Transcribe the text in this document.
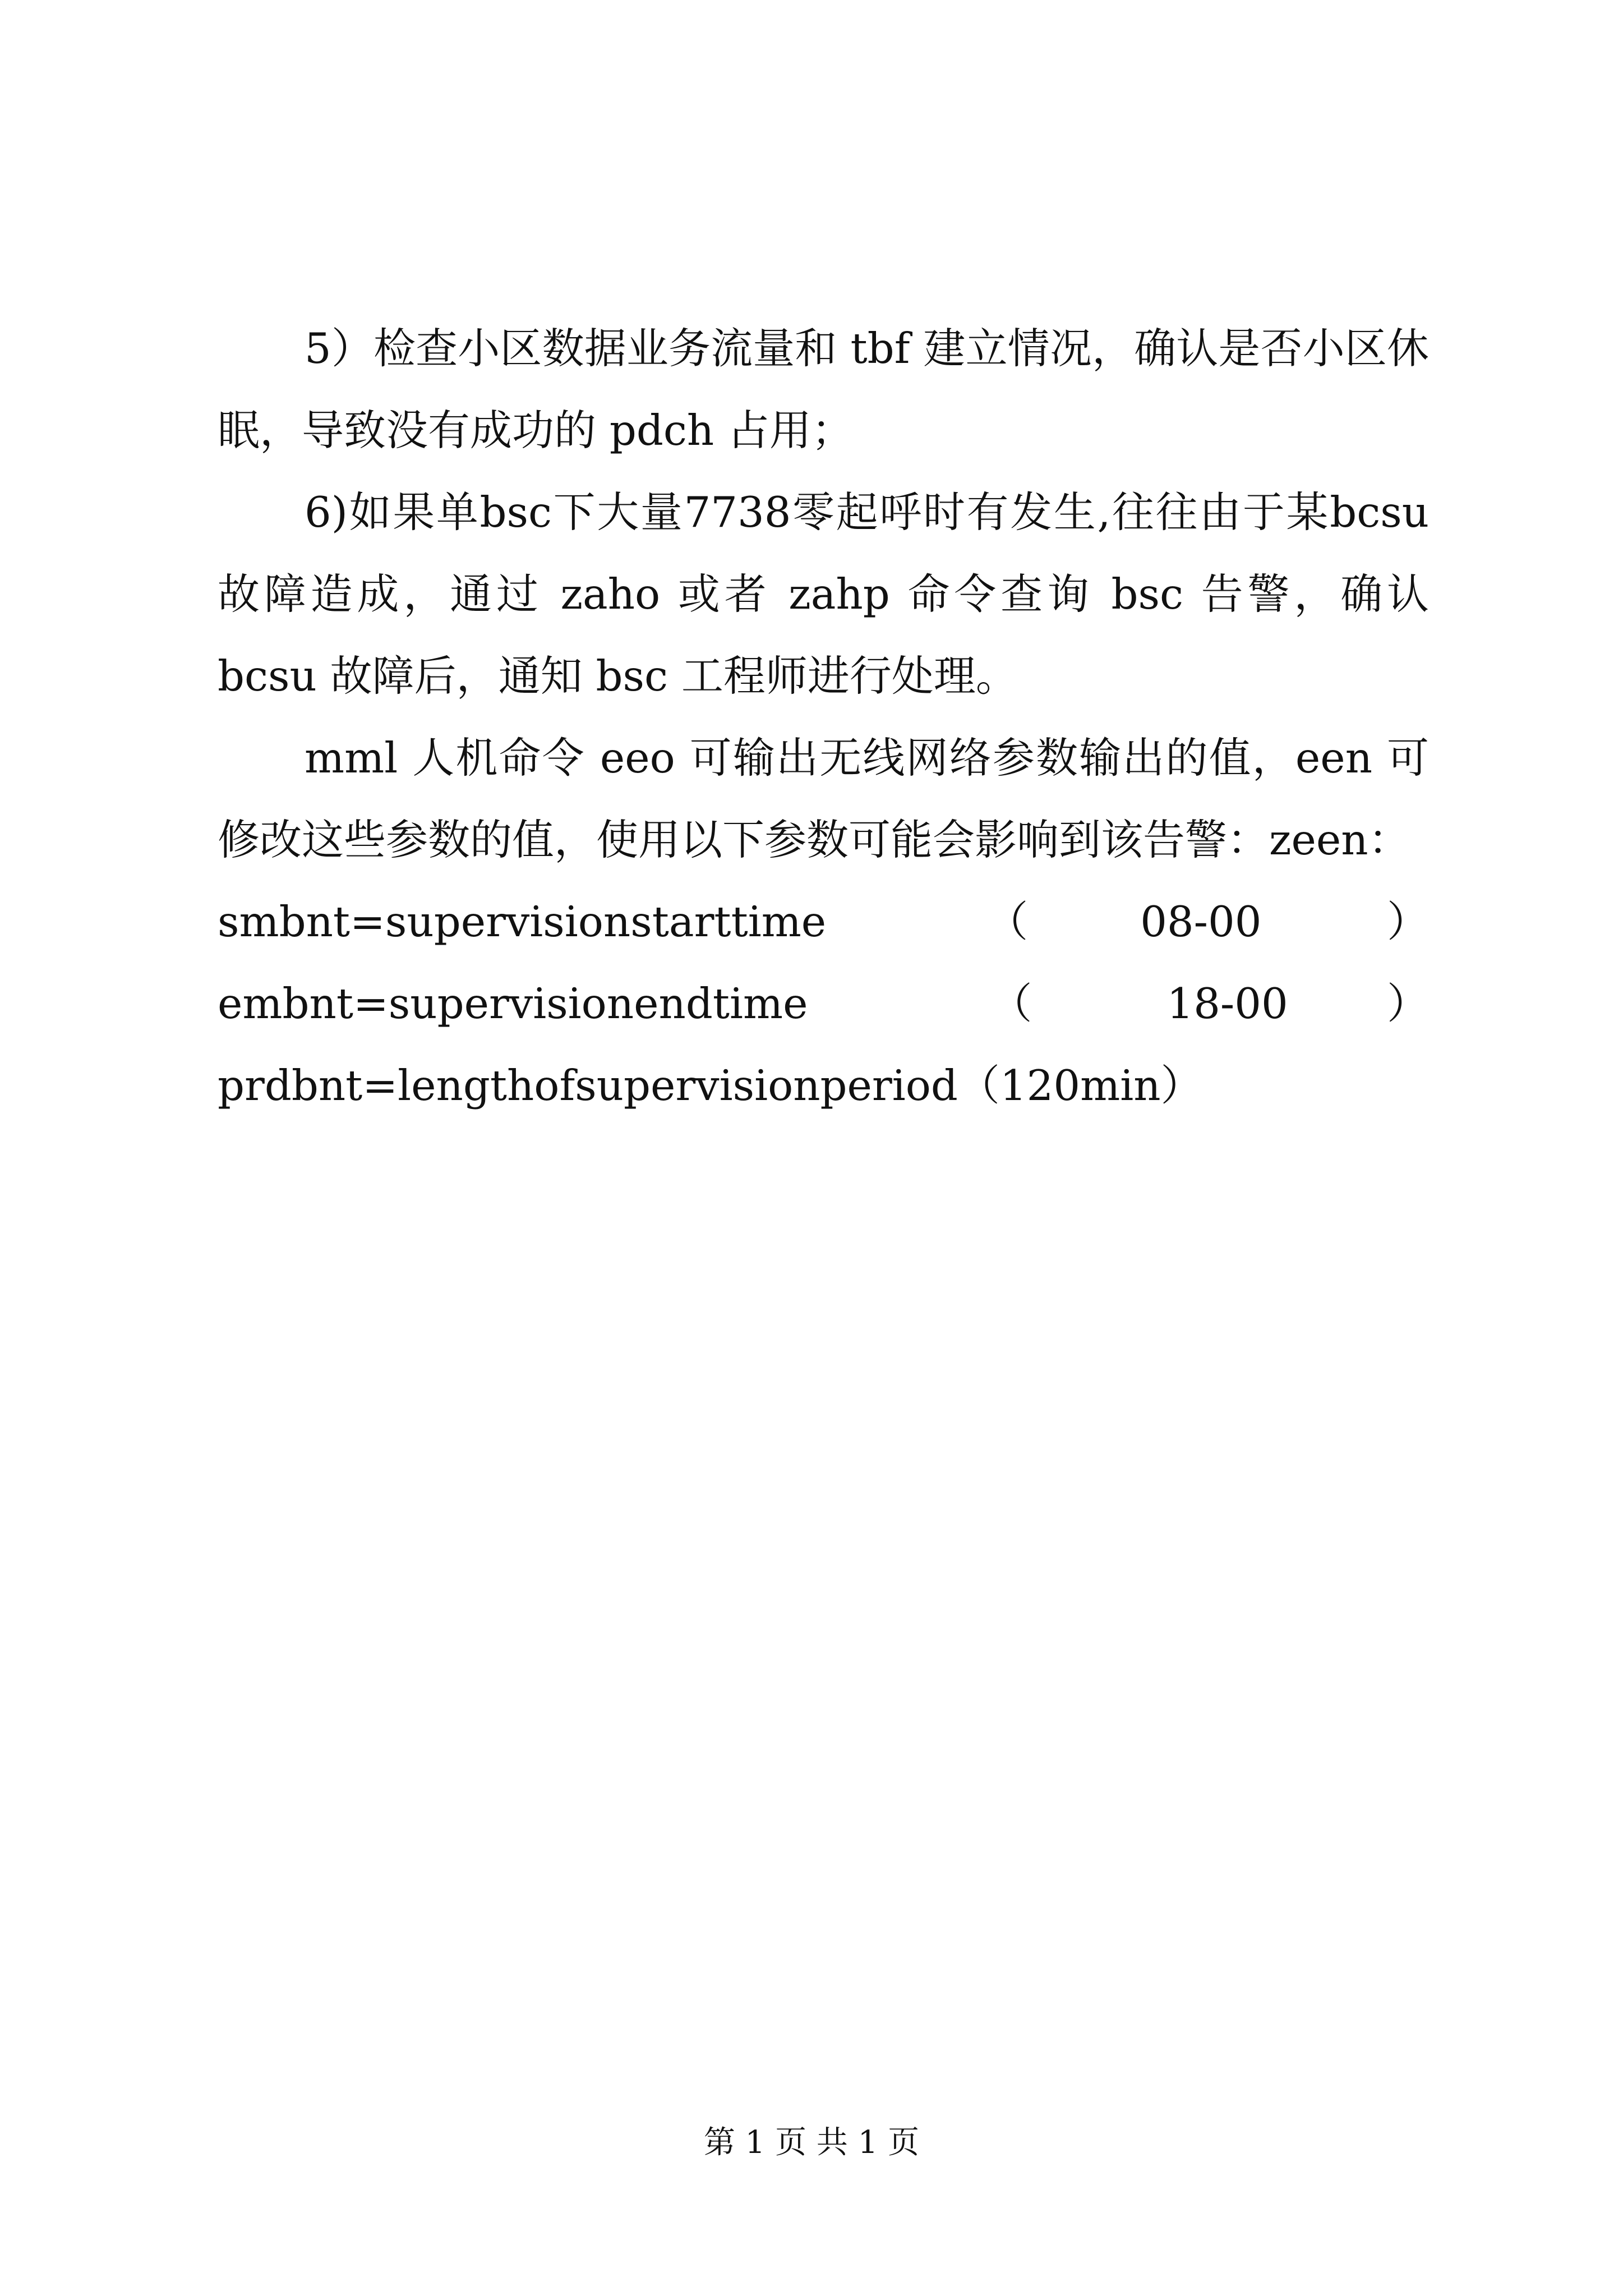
5）检查小区数据业务流量和 tbf 建立情况，确认是否小区休眠，导致没有成功的 pdch 占用；

6)如果单bsc下大量7738零起呼时有发生,往往由于某bcsu故障造成，通过 zaho 或者 zahp 命令查询 bsc 告警，确认 bcsu 故障后，通知 bsc 工程师进行处理。

mml 人机命令 eeo 可输出无线网络参数输出的值，een 可修改这些参数的值，使用以下参数可能会影响到该告警：zeen：

smbnt=supervisionstarttime	（	08-00	）
embnt=supervisionendtime	（	18-00 ）
prdbnt=lengthofsupervisionperiod（120min）
第 1 页 共 1 页
